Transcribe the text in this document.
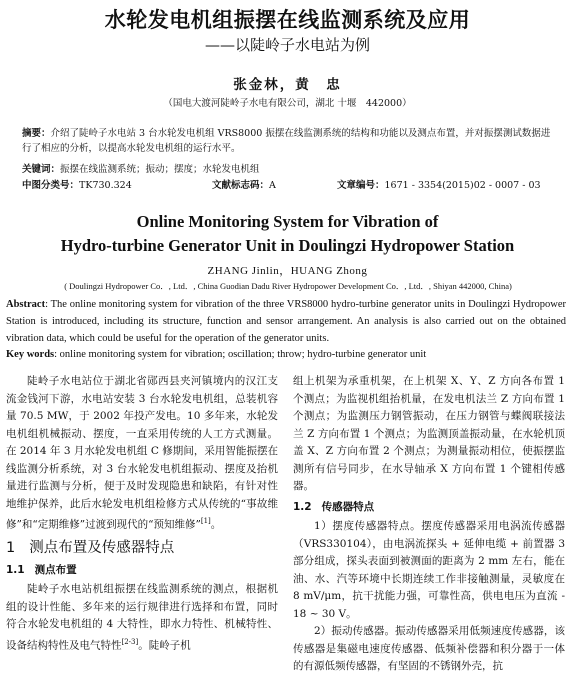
水轮发电机组振摆在线监测系统及应用
——以陡岭子水电站为例
张金林，黄　忠
（国电大渡河陡岭子水电有限公司，湖北 十堰　442000）
摘要：介绍了陡岭子水电站 3 台水轮发电机组 VRS8000 振摆在线监测系统的结构和功能以及测点布置，并对振摆测试数据进行了相应的分析，以提高水轮发电机组的运行水平。
关键词：振摆在线监测系统；振动；摆度；水轮发电机组
中图分类号：TK730.324	文献标志码：A	文章编号：1671 - 3354(2015)02 - 0007 - 03
Online Monitoring System for Vibration of
Hydro-turbine Generator Unit in Doulingzi Hydropower Station
ZHANG Jinlin，HUANG Zhong
( Doulingzi Hydropower Co．, Ltd．, China Guodian Dadu River Hydropower Development Co．, Ltd．, Shiyan 442000, China)
Abstract: The online monitoring system for vibration of the three VRS8000 hydro-turbine generator units in Doulingzi Hydropower Station is introduced, including its structure, function and sensor arrangement. An analysis is also carried out on the obtained vibration data, which could be useful for the operation of the generator units.
Key words: online monitoring system for vibration; oscillation; throw; hydro-turbine generator unit

陡岭子水电站位于湖北省郧西县夹河镇境内的汉江支流金钱河下游，水电站安装 3 台水轮发电机组，总装机容量 70.5 MW，于 2002 年投产发电。10 多年来，水轮发电机组机械振动、摆度，一直采用传统的人工方式测量。在 2014 年 3 月水轮发电机组 C 修期间，采用智能振摆在线监测分析系统，对 3 台水轮发电机组振动、摆度及抬机量进行监测与分析，便于及时发现隐患和缺陷，有针对性地维护保养，此后水轮发电机组检修方式从传统的“事故维修”和“定期维修”过渡到现代的“预知维修”[1]。

1 测点布置及传感器特点
1.1 测点布置

陡岭子水电站机组振摆在线监测系统的测点，根据机组的设计性能、多年来的运行规律进行选择和布置，同时符合水轮发电机组的 4 大特性，即水力特性、机械特性、设备结构特性及电气特性[2-3]。陡岭子机

组上机架为承重机架，在上机架 X、Y、Z 方向各布置 1 个测点；为监视机组抬机量，在发电机法兰 Z 方向布置 1 个测点；为监测压力钢管振动，在压力钢管与蝶阀联接法兰 Z 方向布置 1 个测点；为监测顶盖振动量，在水轮机顶盖 X、Z 方向布置 2 个测点；为测量振动相位，使振摆监测所有信号同步，在水导轴承 X 方向布置 1 个键相传感器。

1.2 传感器特点

1）摆度传感器特点。摆度传感器采用电涡流传感器（VRS330104），由电涡流探头 + 延伸电缆 + 前置器 3 部分组成，探头表面到被测面的距离为 2 mm 左右，能在油、水、汽等环境中长期连续工作非接触测量，灵敏度在 8 mV/μm，抗干扰能力强，可靠性高，供电电压为直流 - 18 ~ 30 V。

2）振动传感器。振动传感器采用低频速度传感器，该传感器是集磁电速度传感器、低频补偿器和积分器于一体的有源低频传感器，有坚固的不锈钢外壳，抗
